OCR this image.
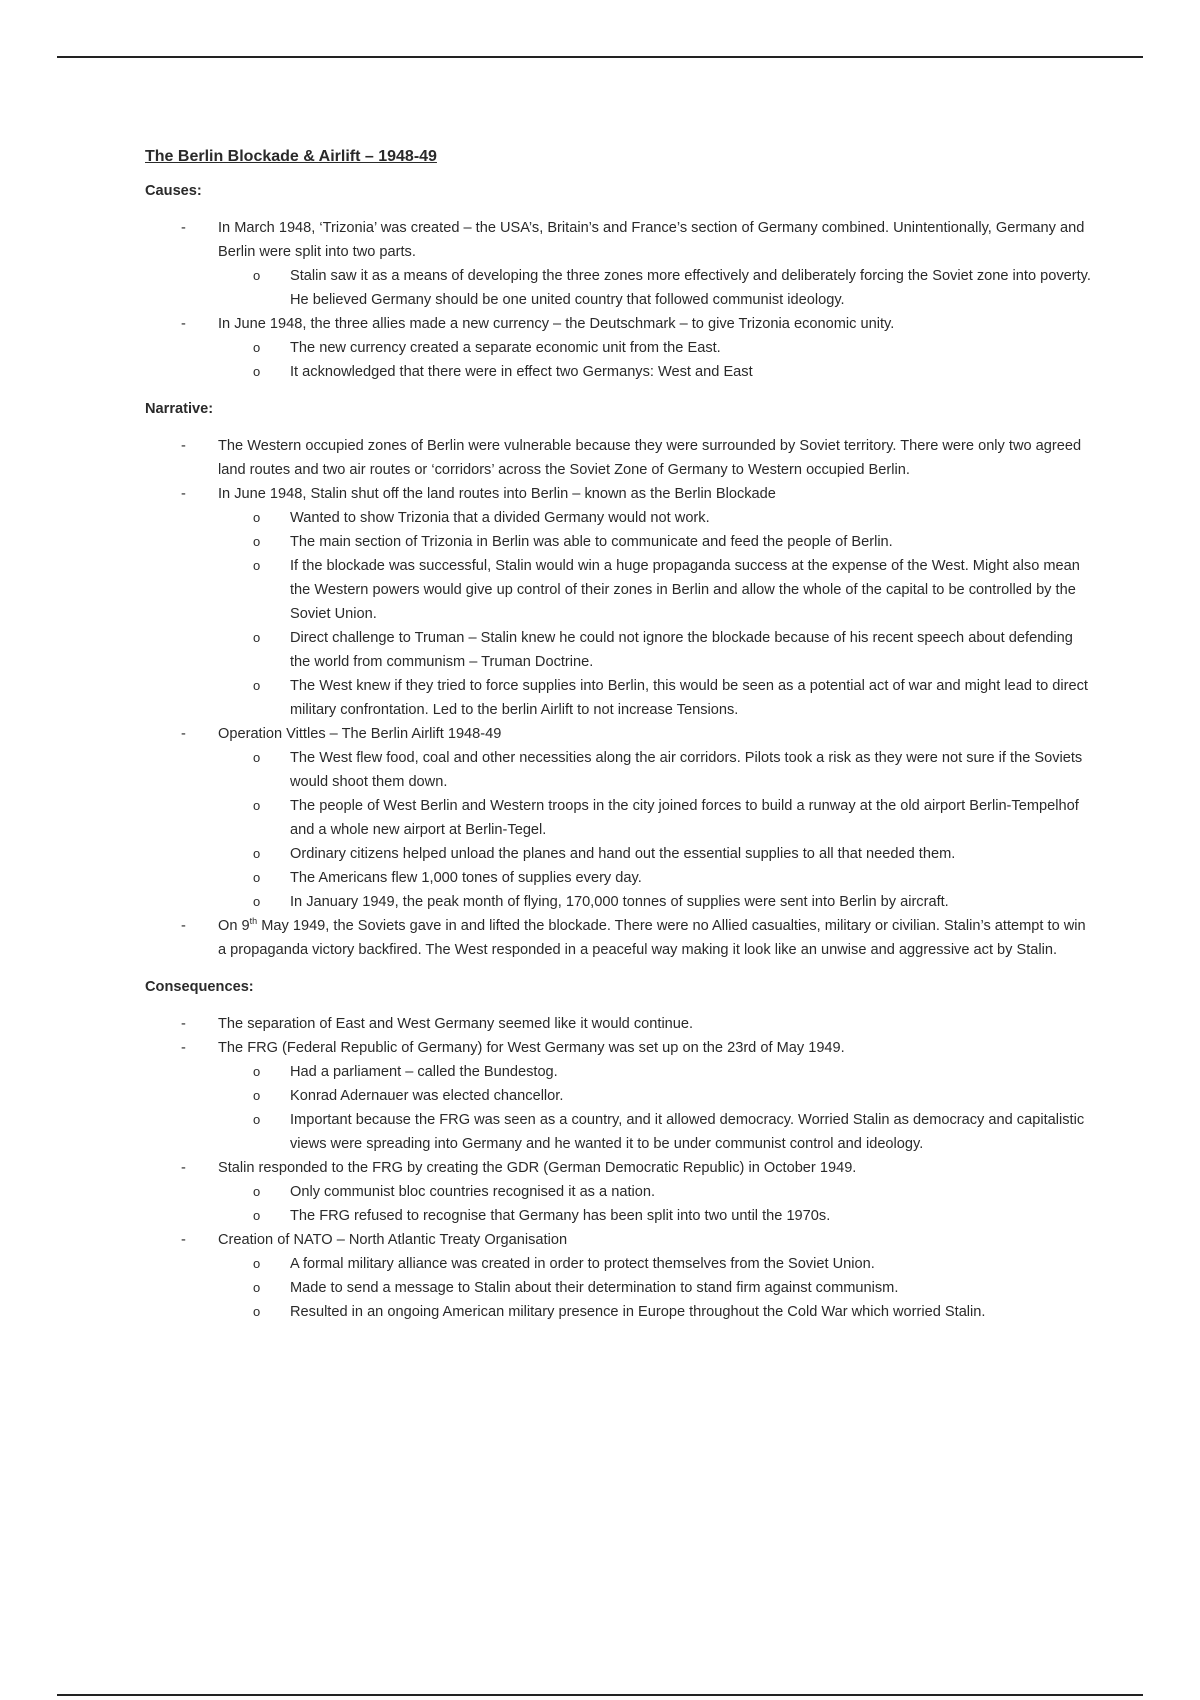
The Berlin Blockade & Airlift – 1948-49
Causes:
- In March 1948, ‘Trizonia’ was created – the USA’s, Britain’s and France’s section of Germany combined. Unintentionally, Germany and Berlin were split into two parts.
o Stalin saw it as a means of developing the three zones more effectively and deliberately forcing the Soviet zone into poverty. He believed Germany should be one united country that followed communist ideology.
- In June 1948, the three allies made a new currency – the Deutschmark – to give Trizonia economic unity.
o The new currency created a separate economic unit from the East.
o It acknowledged that there were in effect two Germanys: West and East
Narrative:
- The Western occupied zones of Berlin were vulnerable because they were surrounded by Soviet territory. There were only two agreed land routes and two air routes or ‘corridors’ across the Soviet Zone of Germany to Western occupied Berlin.
- In June 1948, Stalin shut off the land routes into Berlin – known as the Berlin Blockade
o Wanted to show Trizonia that a divided Germany would not work.
o The main section of Trizonia in Berlin was able to communicate and feed the people of Berlin.
o If the blockade was successful, Stalin would win a huge propaganda success at the expense of the West. Might also mean the Western powers would give up control of their zones in Berlin and allow the whole of the capital to be controlled by the Soviet Union.
o Direct challenge to Truman – Stalin knew he could not ignore the blockade because of his recent speech about defending the world from communism – Truman Doctrine.
o The West knew if they tried to force supplies into Berlin, this would be seen as a potential act of war and might lead to direct military confrontation. Led to the berlin Airlift to not increase Tensions.
- Operation Vittles – The Berlin Airlift 1948-49
o The West flew food, coal and other necessities along the air corridors. Pilots took a risk as they were not sure if the Soviets would shoot them down.
o The people of West Berlin and Western troops in the city joined forces to build a runway at the old airport Berlin-Tempelhof and a whole new airport at Berlin-Tegel.
o Ordinary citizens helped unload the planes and hand out the essential supplies to all that needed them.
o The Americans flew 1,000 tones of supplies every day.
o In January 1949, the peak month of flying, 170,000 tonnes of supplies were sent into Berlin by aircraft.
- On 9th May 1949, the Soviets gave in and lifted the blockade. There were no Allied casualties, military or civilian. Stalin’s attempt to win a propaganda victory backfired. The West responded in a peaceful way making it look like an unwise and aggressive act by Stalin.
Consequences:
- The separation of East and West Germany seemed like it would continue.
- The FRG (Federal Republic of Germany) for West Germany was set up on the 23rd of May 1949.
o Had a parliament – called the Bundestog.
o Konrad Adernauer was elected chancellor.
o Important because the FRG was seen as a country, and it allowed democracy. Worried Stalin as democracy and capitalistic views were spreading into Germany and he wanted it to be under communist control and ideology.
- Stalin responded to the FRG by creating the GDR (German Democratic Republic) in October 1949.
o Only communist bloc countries recognised it as a nation.
o The FRG refused to recognise that Germany has been split into two until the 1970s.
- Creation of NATO – North Atlantic Treaty Organisation
o A formal military alliance was created in order to protect themselves from the Soviet Union.
o Made to send a message to Stalin about their determination to stand firm against communism.
o Resulted in an ongoing American military presence in Europe throughout the Cold War which worried Stalin.
